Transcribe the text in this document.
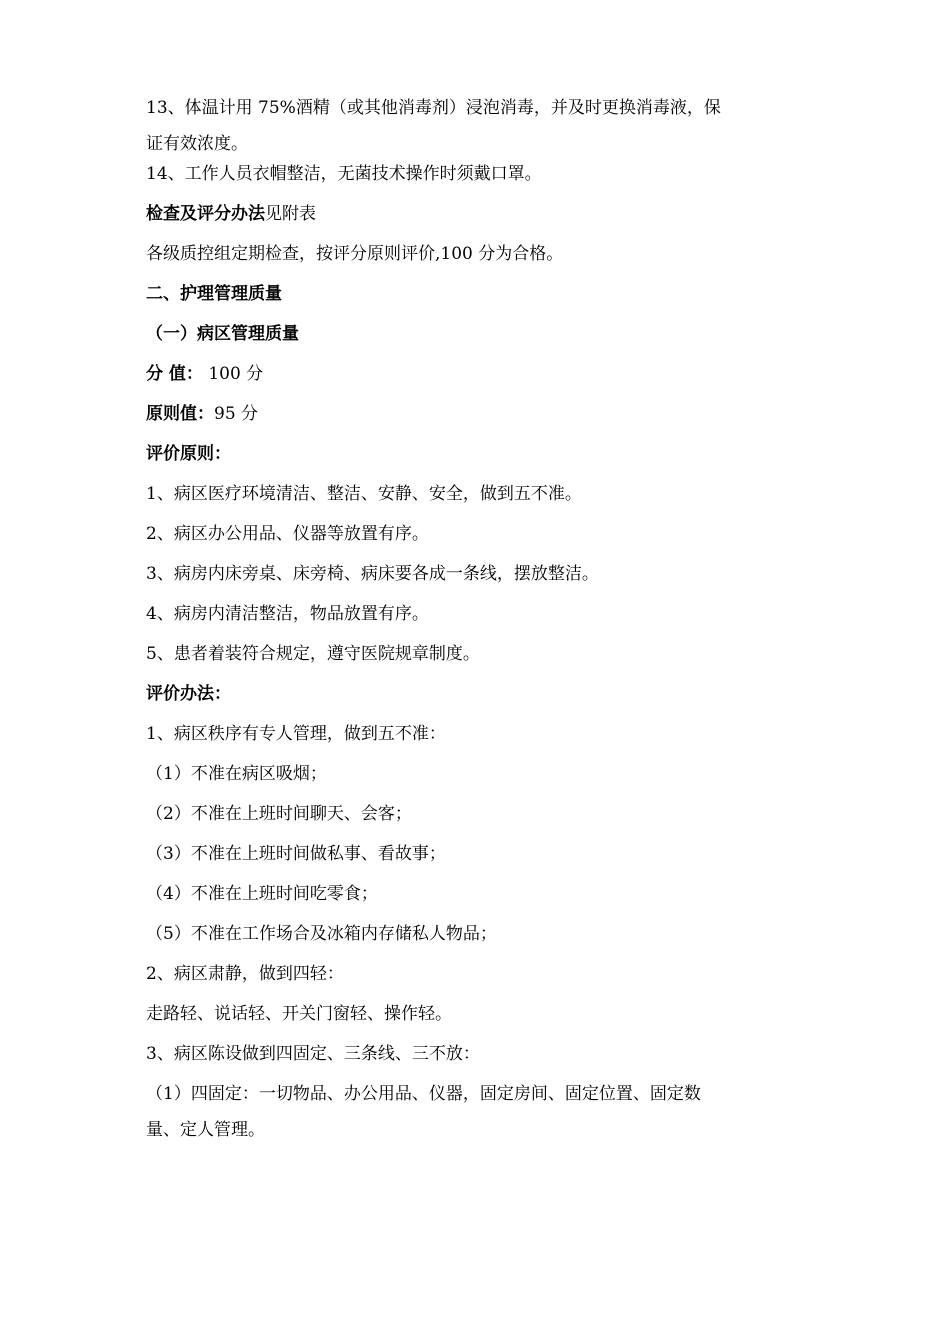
13、体温计用 75%酒精（或其他消毒剂）浸泡消毒，并及时更换消毒液，保
证有效浓度。
14、工作人员衣帽整洁，无菌技术操作时须戴口罩。
检查及评分办法见附表
各级质控组定期检查，按评分原则评价,100 分为合格。
二、护理管理质量
（一）病区管理质量
分 值： 100 分
原则值：95 分
评价原则：
1、病区医疗环境清洁、整洁、安静、安全，做到五不准。
2、病区办公用品、仪器等放置有序。
3、病房内床旁桌、床旁椅、病床要各成一条线，摆放整洁。
4、病房内清洁整洁，物品放置有序。
5、患者着装符合规定，遵守医院规章制度。
评价办法：
1、病区秩序有专人管理，做到五不准：
（1）不准在病区吸烟；
（2）不准在上班时间聊天、会客；
（3）不准在上班时间做私事、看故事；
（4）不准在上班时间吃零食；
（5）不准在工作场合及冰箱内存储私人物品；
2、病区肃静，做到四轻：
走路轻、说话轻、开关门窗轻、操作轻。
3、病区陈设做到四固定、三条线、三不放：
（1）四固定：一切物品、办公用品、仪器，固定房间、固定位置、固定数
量、定人管理。
